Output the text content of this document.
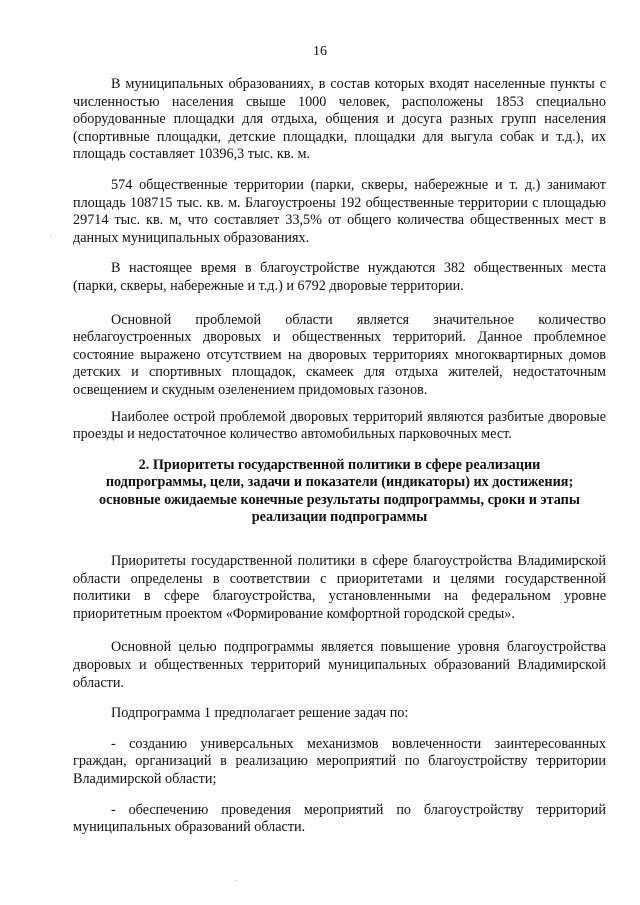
16

В муниципальных образованиях, в состав которых входят населенные пункты с численностью населения свыше 1000 человек, расположены 1853 специально оборудованные площадки для отдыха, общения и досуга разных групп населения (спортивные площадки, детские площадки, площадки для выгула собак и т.д.), их площадь составляет 10396,3 тыс. кв. м.

574 общественные территории (парки, скверы, набережные и т. д.) занимают площадь 108715 тыс. кв. м. Благоустроены 192 общественные территории с площадью 29714 тыс. кв. м, что составляет 33,5% от общего количества общественных мест в данных муниципальных образованиях.

В настоящее время в благоустройстве нуждаются 382 общественных места (парки, скверы, набережные и т.д.) и 6792 дворовые территории.

Основной проблемой области является значительное количество неблагоустроенных дворовых и общественных территорий. Данное проблемное состояние выражено отсутствием на дворовых территориях многоквартирных домов детских и спортивных площадок, скамеек для отдыха жителей, недостаточным освещением и скудным озеленением придомовых газонов.

Наиболее острой проблемой дворовых территорий являются разбитые дворовые проезды и недостаточное количество автомобильных парковочных мест.

2. Приоритеты государственной политики в сфере реализации подпрограммы, цели, задачи и показатели (индикаторы) их достижения; основные ожидаемые конечные результаты подпрограммы, сроки и этапы реализации подпрограммы

Приоритеты государственной политики в сфере благоустройства Владимирской области определены в соответствии с приоритетами и целями государственной политики в сфере благоустройства, установленными на федеральном уровне приоритетным проектом «Формирование комфортной городской среды».

Основной целью подпрограммы является повышение уровня благоустройства дворовых и общественных территорий муниципальных образований Владимирской области.

Подпрограмма 1 предполагает решение задач по:

- созданию универсальных механизмов вовлеченности заинтересованных граждан, организаций в реализацию мероприятий по благоустройству территории Владимирской области;

- обеспечению проведения мероприятий по благоустройству территорий муниципальных образований области.
